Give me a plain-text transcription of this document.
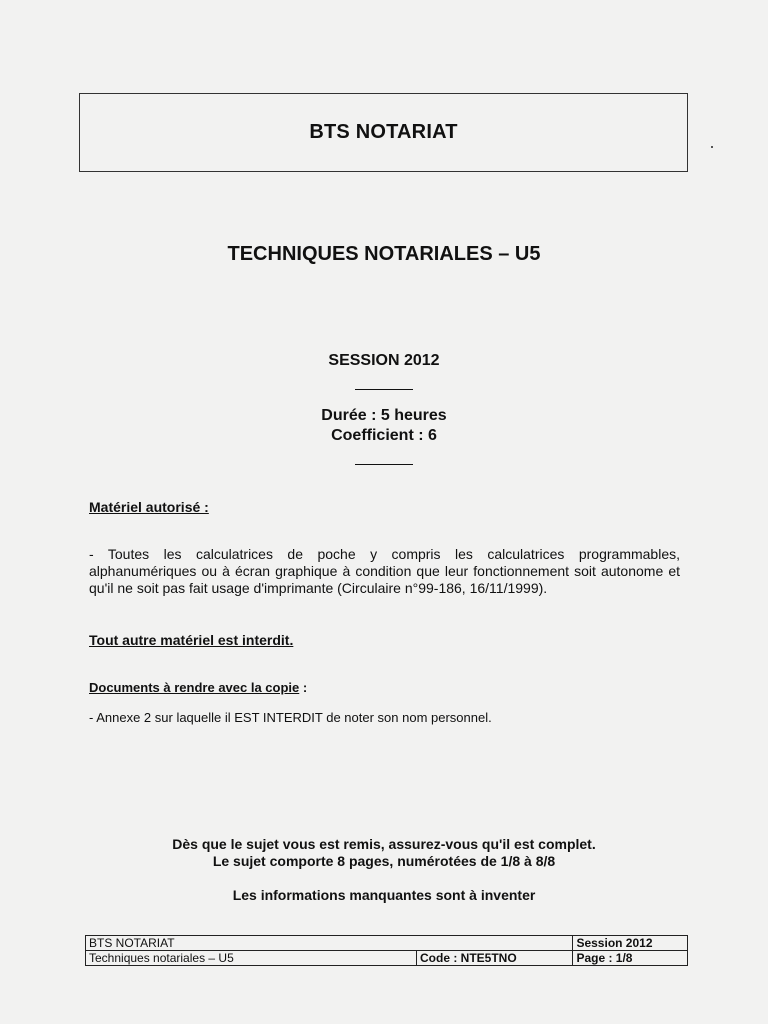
BTS NOTARIAT
TECHNIQUES NOTARIALES – U5
SESSION 2012
Durée : 5 heures
Coefficient : 6
Matériel autorisé :
- Toutes les calculatrices de poche y compris les calculatrices programmables, alphanumériques ou à écran graphique à condition que leur fonctionnement soit autonome et qu'il ne soit pas fait usage d'imprimante (Circulaire n°99-186, 16/11/1999).
Tout autre matériel est interdit.
Documents à rendre avec la copie :
- Annexe 2 sur laquelle il EST INTERDIT de noter son nom personnel.
Dès que le sujet vous est remis, assurez-vous qu'il est complet.
Le sujet comporte 8 pages, numérotées de 1/8 à 8/8
Les informations manquantes sont à inventer
BTS NOTARIAT		Session 2012
Techniques notariales – U5	Code : NTE5TNO	Page : 1/8
